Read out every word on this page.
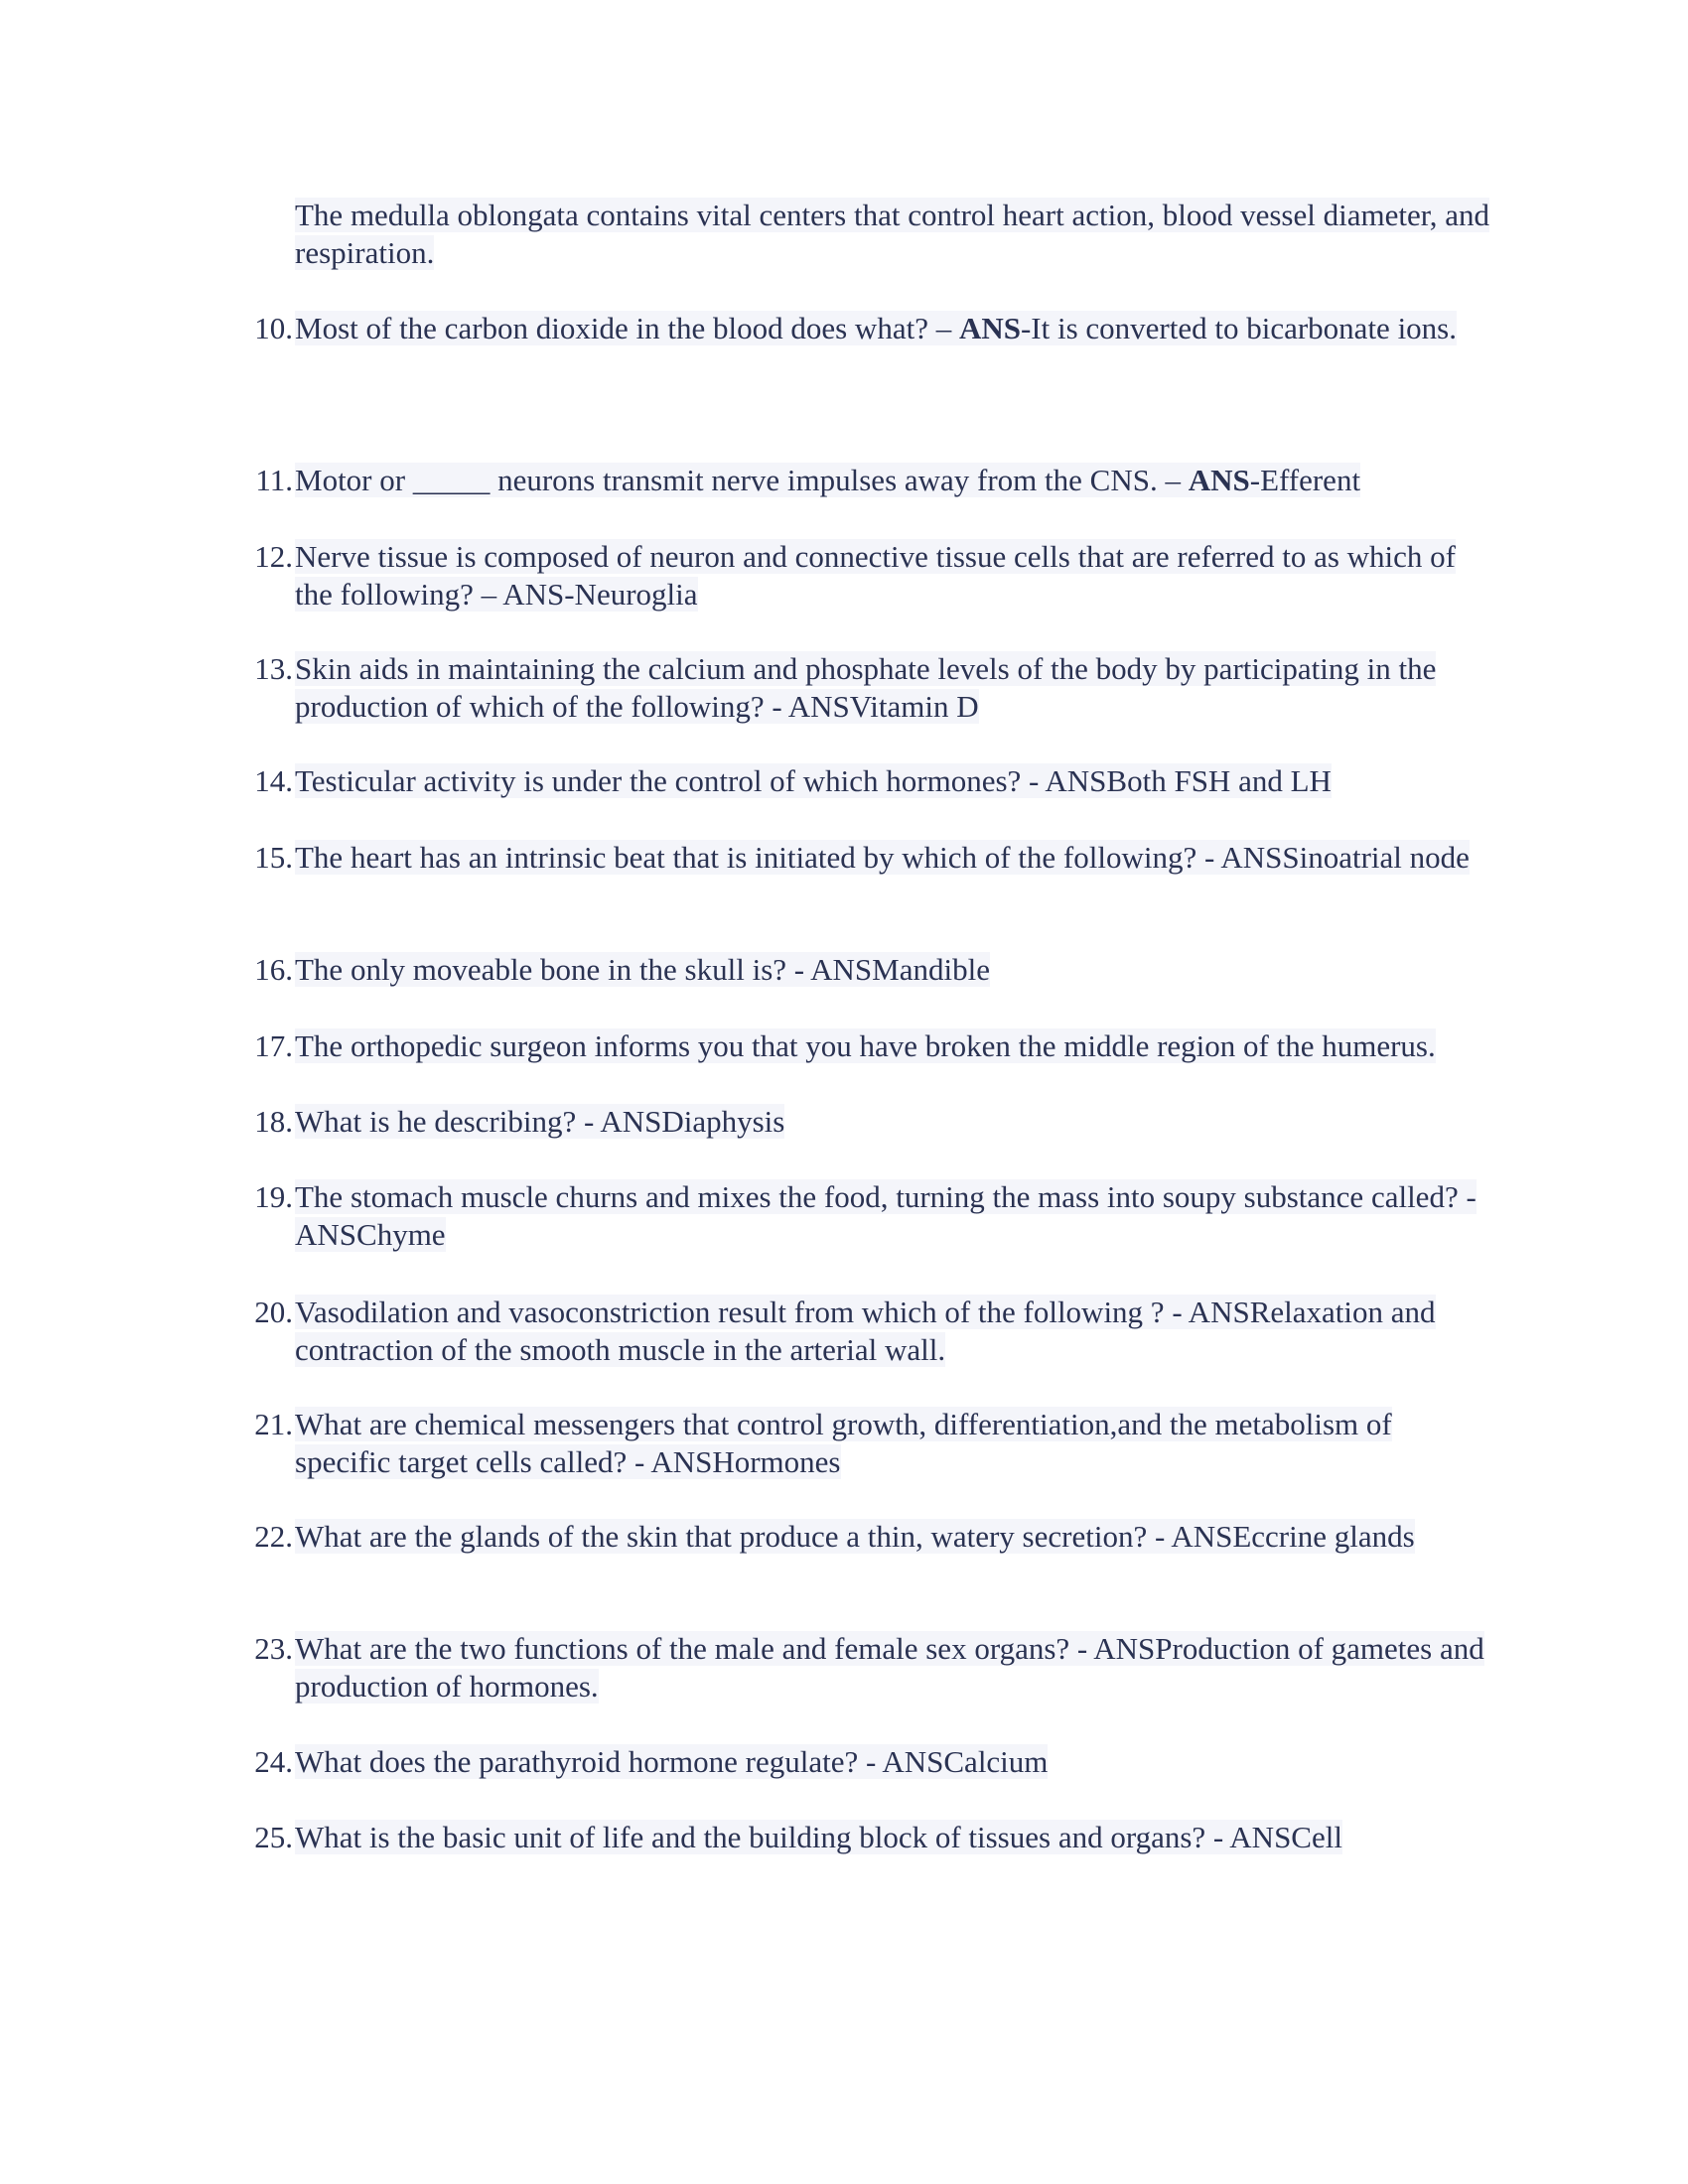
The medulla oblongata contains vital centers that control heart action, blood vessel diameter, and respiration.
10. Most of the carbon dioxide in the blood does what? – ANS-It is converted to bicarbonate ions.
11. Motor or _____ neurons transmit nerve impulses away from the CNS. – ANS-Efferent
12. Nerve tissue is composed of neuron and connective tissue cells that are referred to as which of the following? – ANS-Neuroglia
13. Skin aids in maintaining the calcium and phosphate levels of the body by participating in the production of which of the following? - ANSVitamin D
14. Testicular activity is under the control of which hormones? - ANSBoth FSH and LH
15. The heart has an intrinsic beat that is initiated by which of the following? - ANSSinoatrial node
16. The only moveable bone in the skull is? - ANSMandible
17. The orthopedic surgeon informs you that you have broken the middle region of the humerus.
18. What is he describing? - ANSDiaphysis
19. The stomach muscle churns and mixes the food, turning the mass into soupy substance called? - ANSChyme
20. Vasodilation and vasoconstriction result from which of the following ? - ANSRelaxation and contraction of the smooth muscle in the arterial wall.
21. What are chemical messengers that control growth, differentiation,and the metabolism of specific target cells called? - ANSHormones
22. What are the glands of the skin that produce a thin, watery secretion? - ANSEccrine glands
23. What are the two functions of the male and female sex organs? - ANSProduction of gametes and production of hormones.
24. What does the parathyroid hormone regulate? - ANSCalcium
25. What is the basic unit of life and the building block of tissues and organs? - ANSCell
